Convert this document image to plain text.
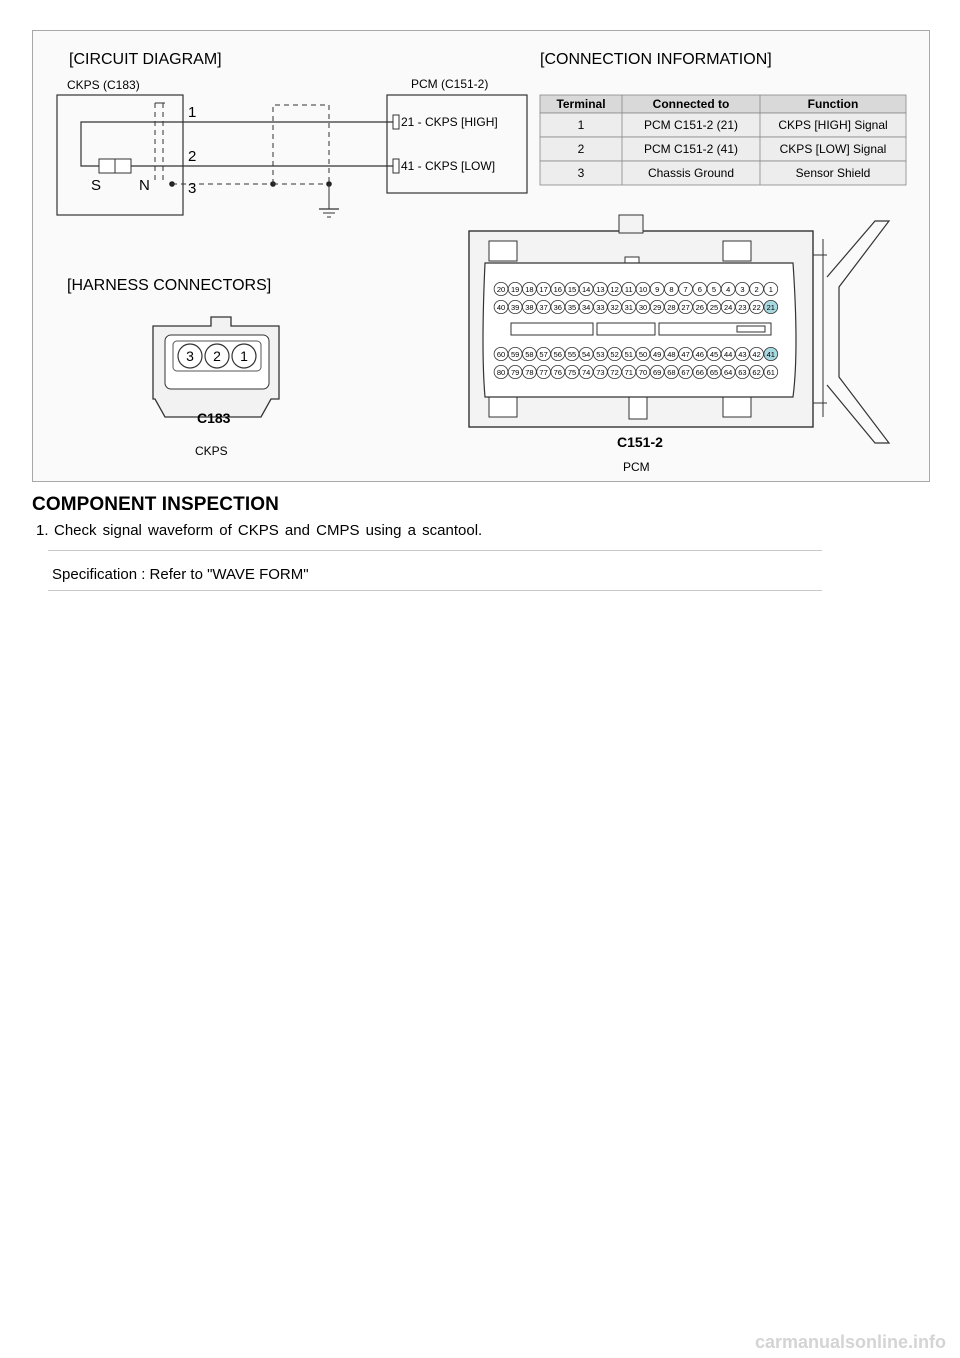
[CIRCUIT DIAGRAM]	[CONNECTION INFORMATION]
[HARNESS CONNECTORS]
CKPS (C183)
S	N
1
2
3
PCM (C151-2)
21 - CKPS [HIGH]
41 - CKPS [LOW]
Terminal	Connected to	Function
1	PCM C151-2 (21)	CKPS [HIGH] Signal
2	PCM C151-2 (41)	CKPS [LOW] Signal
3	Chassis Ground	Sensor Shield
3 2 1
C183
CKPS
20 19 18 17 16 15 14 13 12 11 10 9 8 7 6 5 4 3 2 1
40 39 38 37 36 35 34 33 32 31 30 29 28 27 26 25 24 23 22 21
60 59 58 57 56 55 54 53 52 51 50 49 48 47 46 45 44 43 42 41
80 79 78 77 76 75 74 73 72 71 70 69 68 67 66 65 64 63 62 61
C151-2
PCM
COMPONENT INSPECTION
1. Check signal waveform of CKPS and CMPS using a scantool.
Specification : Refer to "WAVE FORM"
carmanualsonline.info
